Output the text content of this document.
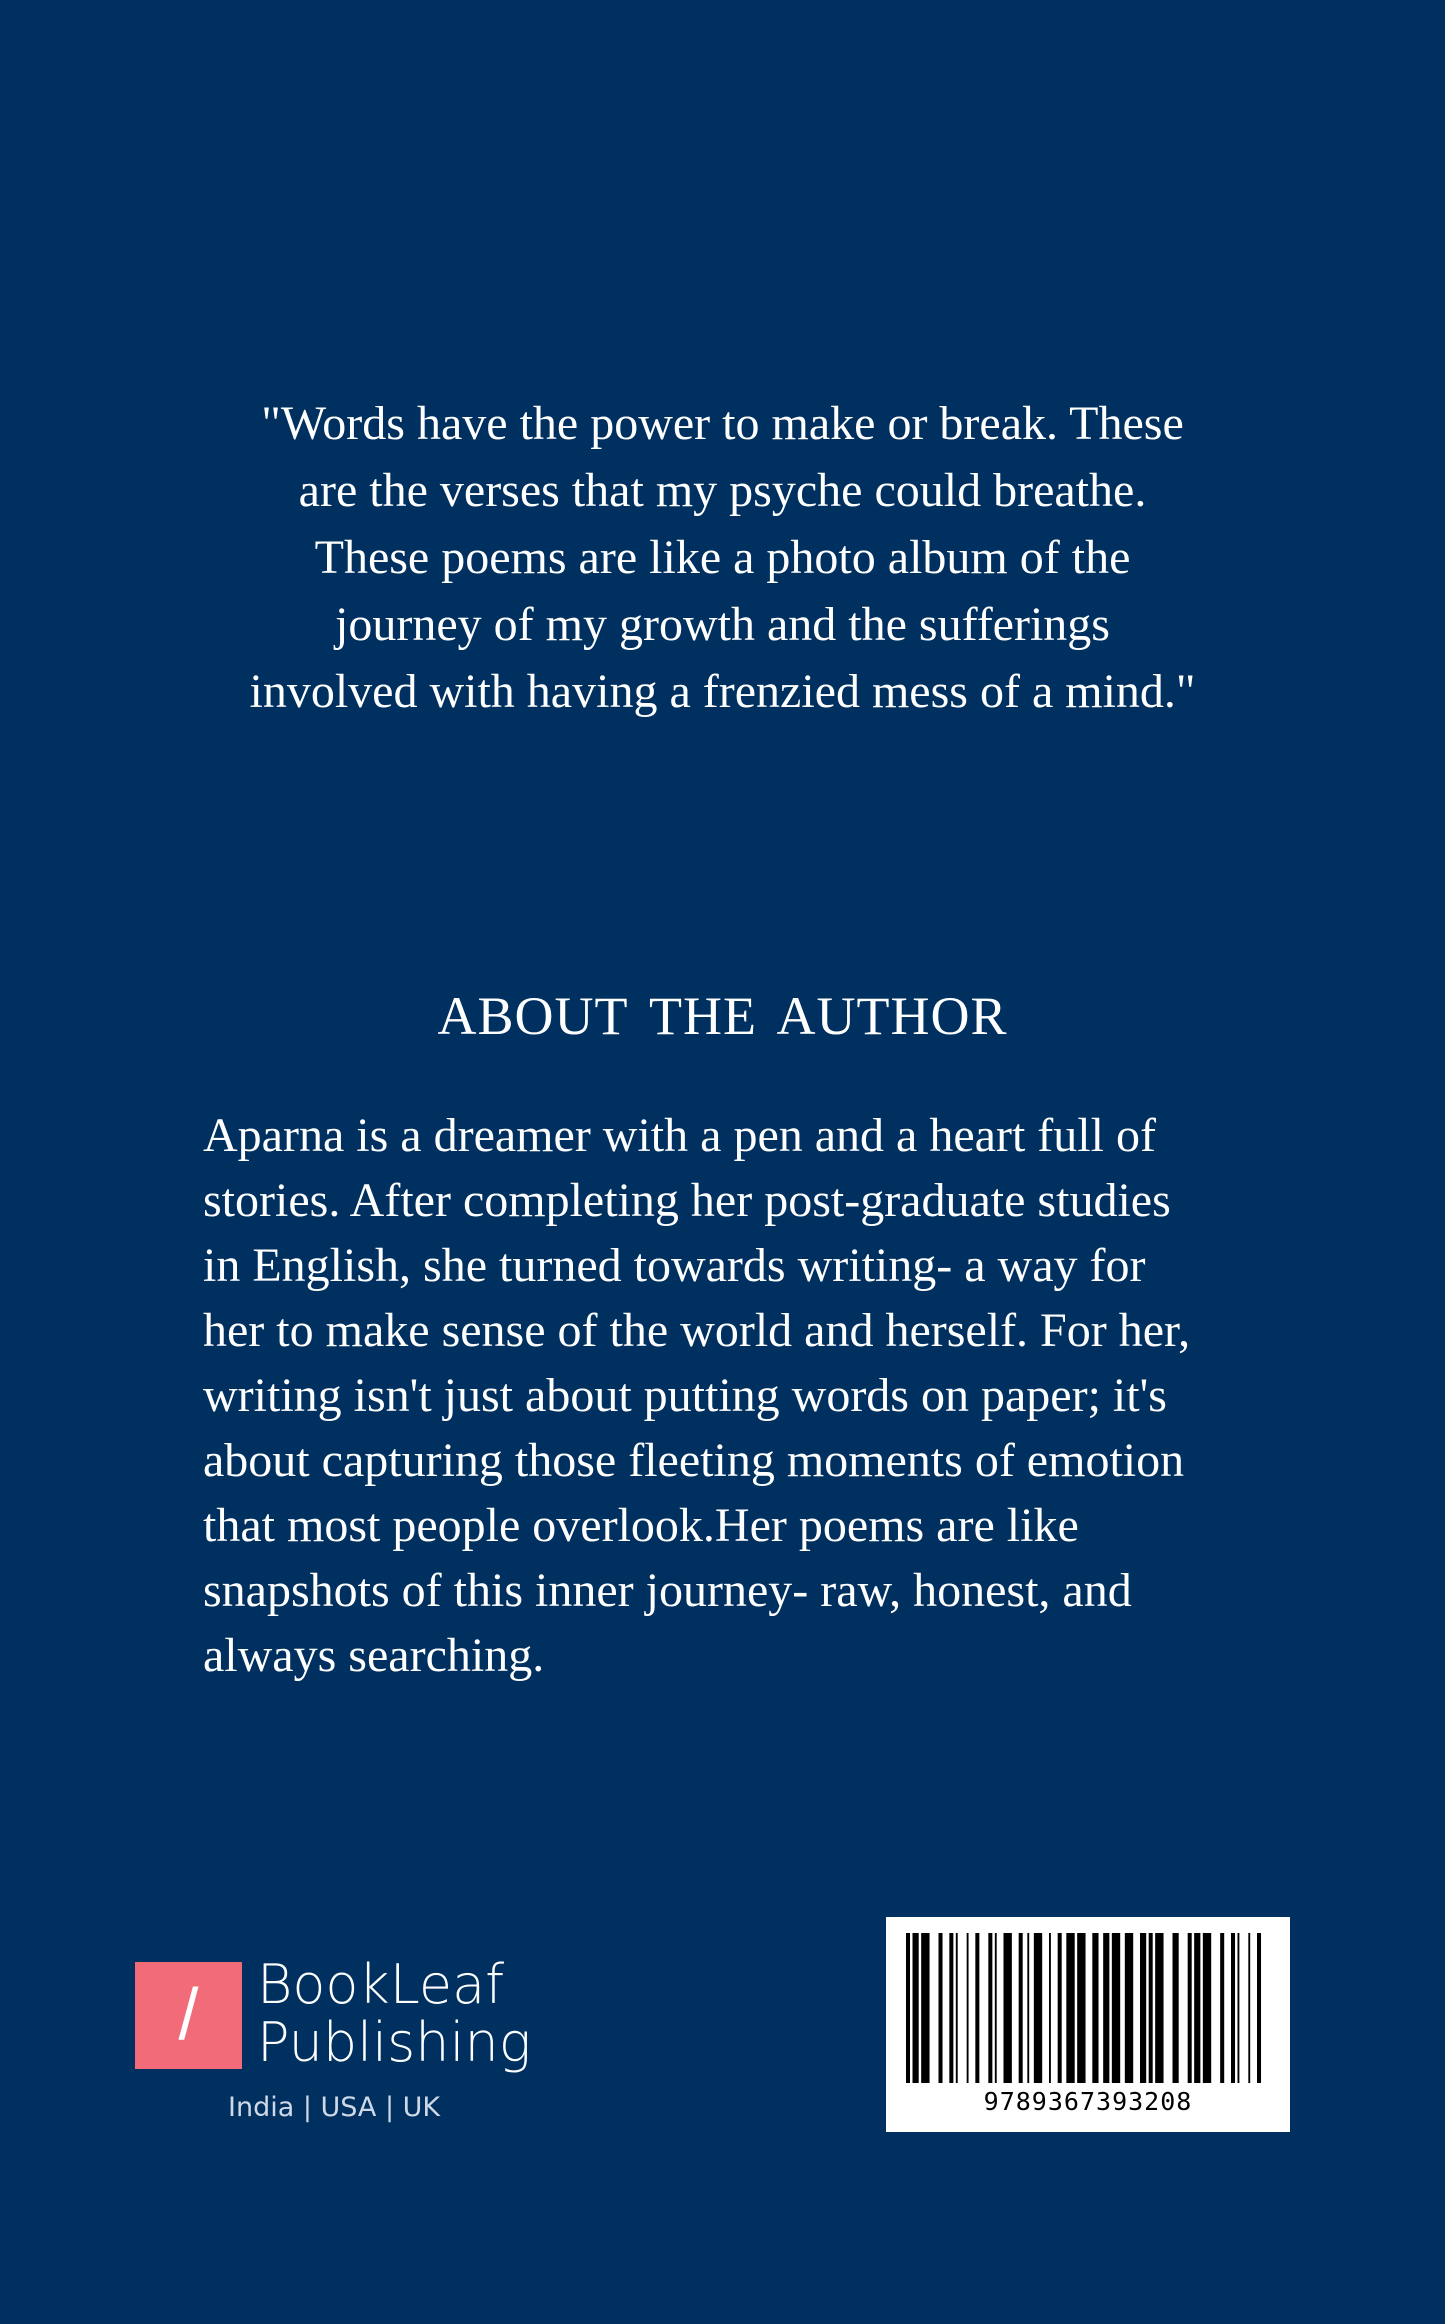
"Words have the power to make or break. These
are the verses that my psyche could breathe.
These poems are like a photo album of the
journey of my growth and the sufferings
involved with having a frenzied mess of a mind."
ABOUT THE AUTHOR
Aparna is a dreamer with a pen and a heart full of
stories. After completing her post-graduate studies
in English, she turned towards writing- a way for
her to make sense of the world and herself. For her,
writing isn't just about putting words on paper; it's
about capturing those fleeting moments of emotion
that most people overlook.Her poems are like
snapshots of this inner journey- raw, honest, and
always searching.
/	BookLeaf
Publishing
India | USA | UK	9789367393208
